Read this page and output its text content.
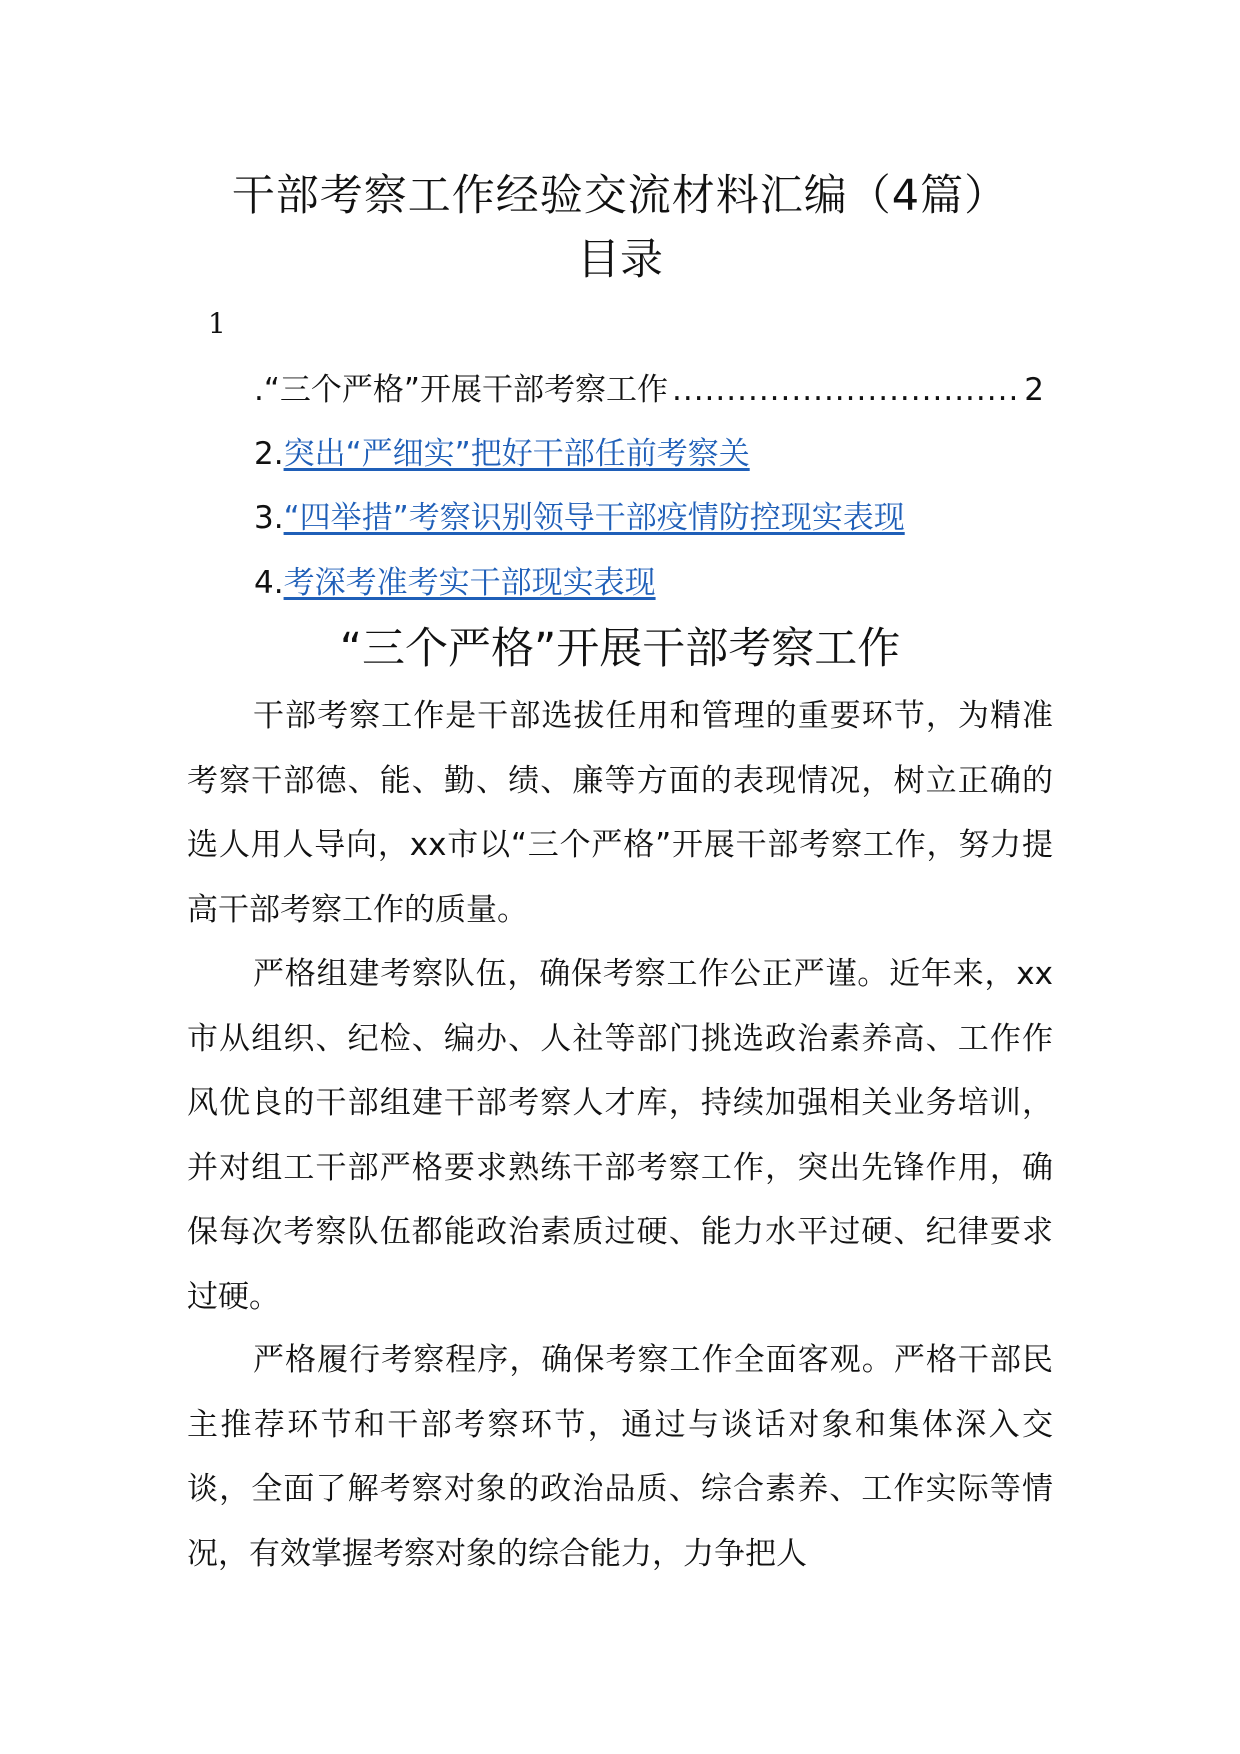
干部考察工作经验交流材料汇编（4篇）
目录
1
. “三个严格”开展干部考察工作
.....	2
2.突出“严细实”把好干部任前考察关
3.“四举措”考察识别领导干部疫情防控现实表现
4.考深考准考实干部现实表现
“三个严格”开展干部考察工作

干部考察工作是干部选拔任用和管理的重要环节，为精准考察干部德、能、勤、绩、廉等方面的表现情况，树立正确的选人用人导向，xx市以“三个严格”开展干部考察工作，努力提高干部考察工作的质量。

严格组建考察队伍，确保考察工作公正严谨。近年来，xx市从组织、纪检、编办、人社等部门挑选政治素养高、工作作风优良的干部组建干部考察人才库，持续加强相关业务培训，并对组工干部严格要求熟练干部考察工作，突出先锋作用，确保每次考察队伍都能政治素质过硬、能力水平过硬、纪律要求过硬。

严格履行考察程序，确保考察工作全面客观。严格干部民主推荐环节和干部考察环节，通过与谈话对象和集体深入交谈，全面了解考察对象的政治品质、综合素养、工作实际等情况，有效掌握考察对象的综合能力，力争把人
